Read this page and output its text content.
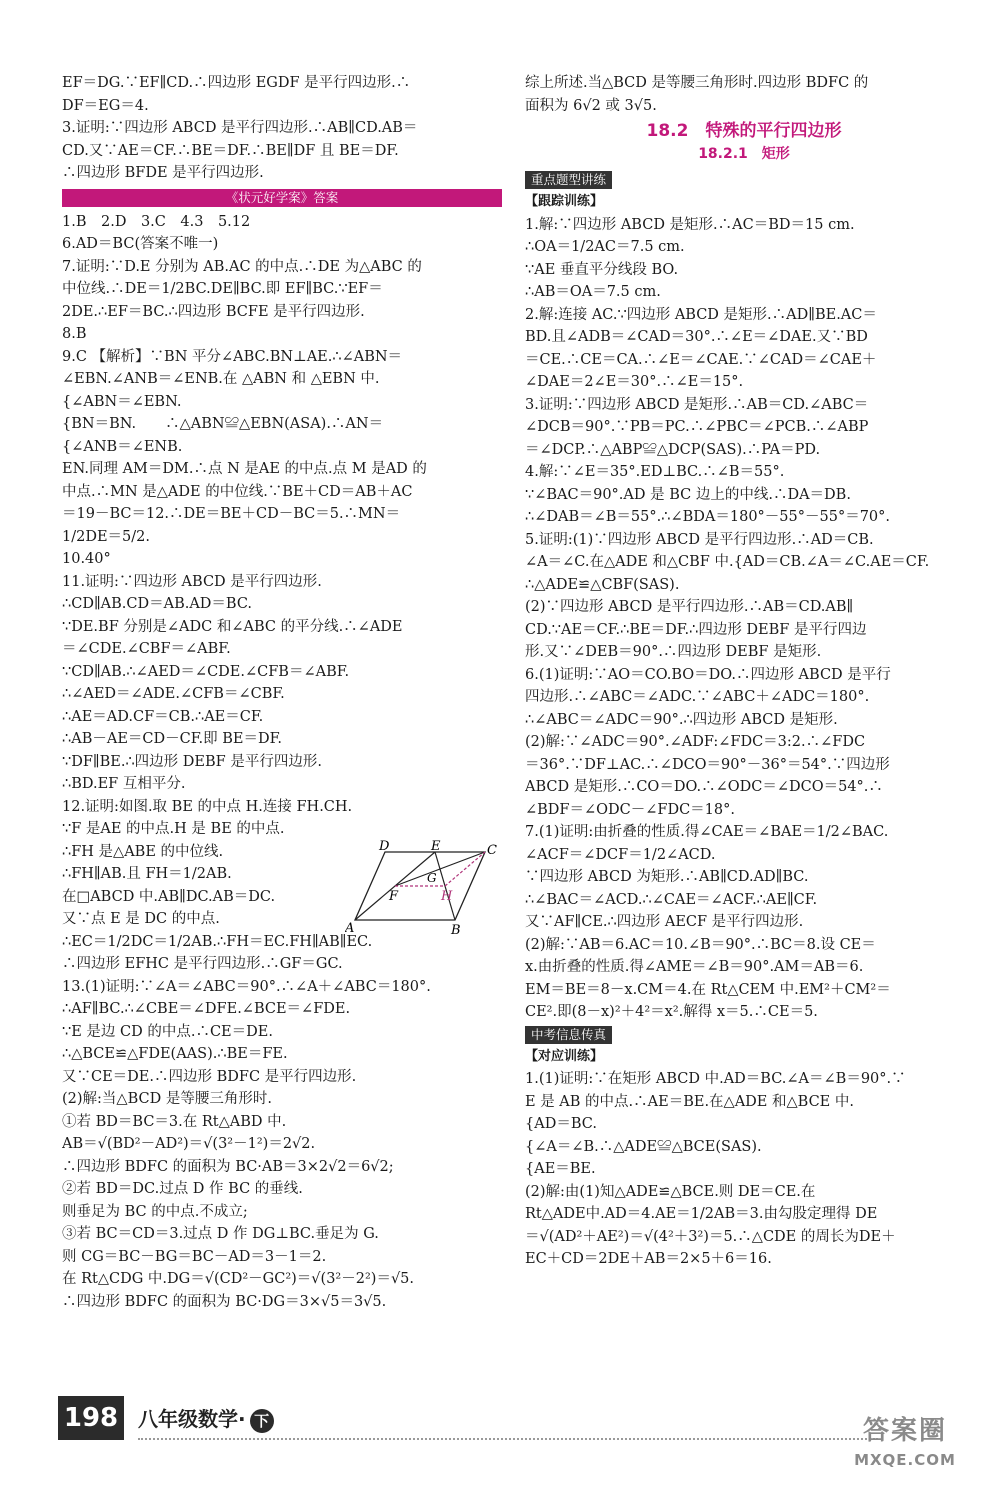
EF＝DG.∵EF∥CD.∴四边形 EGDF 是平行四边形.∴

DF＝EG＝4.

3.证明:∵四边形 ABCD 是平行四边形.∴AB∥CD.AB＝

CD.又∵AE＝CF.∴BE＝DF.∴BE∥DF 且 BE＝DF.

∴四边形 BFDE 是平行四边形.

《状元好学案》答案

1.B　2.D　3.C　4.3　5.12

6.AD＝BC(答案不唯一)

7.证明:∵D.E 分别为 AB.AC 的中点.∴DE 为△ABC 的

中位线.∴DE＝1/2BC.DE∥BC.即 EF∥BC.∵EF＝

2DE.∴EF＝BC.∴四边形 BCFE 是平行四边形.

8.B

9.C 【解析】∵BN 平分∠ABC.BN⊥AE.∴∠ABN＝

∠EBN.∠ANB＝∠ENB.在 △ABN 和 △EBN 中.

{∠ABN＝∠EBN.

{BN＝BN.　　∴△ABN≌△EBN(ASA).∴AN＝

{∠ANB＝∠ENB.

EN.同理 AM＝DM.∴点 N 是AE 的中点.点 M 是AD 的

中点.∴MN 是△ADE 的中位线.∵BE＋CD＝AB＋AC

＝19－BC＝12.∴DE＝BE＋CD－BC＝5.∴MN＝

1/2DE＝5/2.

10.40°

11.证明:∵四边形 ABCD 是平行四边形.

∴CD∥AB.CD＝AB.AD＝BC.

∵DE.BF 分别是∠ADC 和∠ABC 的平分线.∴∠ADE

＝∠CDE.∠CBF＝∠ABF.

∵CD∥AB.∴∠AED＝∠CDE.∠CFB＝∠ABF.

∴∠AED＝∠ADE.∠CFB＝∠CBF.

∴AE＝AD.CF＝CB.∴AE＝CF.

∴AB－AE＝CD－CF.即 BE＝DF.

∵DF∥BE.∴四边形 DEBF 是平行四边形.

∴BD.EF 互相平分.

12.证明:如图.取 BE 的中点 H.连接 FH.CH.

∵F 是AE 的中点.H 是 BE 的中点.

∴FH 是△ABE 的中位线.

∴FH∥AB.且 FH＝1/2AB.

在□ABCD 中.AB∥DC.AB＝DC.

又∵点 E 是 DC 的中点.

∴EC＝1/2DC＝1/2AB.∴FH＝EC.FH∥AB∥EC.

∴四边形 EFHC 是平行四边形.∴GF＝GC.

13.(1)证明:∵∠A＝∠ABC＝90°.∴∠A＋∠ABC＝180°.

∴AF∥BC.∴∠CBE＝∠DFE.∠BCE＝∠FDE.

∵E 是边 CD 的中点.∴CE＝DE.

∴△BCE≌△FDE(AAS).∴BE＝FE.

又∵CE＝DE.∴四边形 BDFC 是平行四边形.

(2)解:当△BCD 是等腰三角形时.

①若 BD＝BC＝3.在 Rt△ABD 中.

AB＝√(BD²－AD²)＝√(3²－1²)＝2√2.

∴四边形 BDFC 的面积为 BC·AB＝3×2√2＝6√2;

②若 BD＝DC.过点 D 作 BC 的垂线.

则垂足为 BC 的中点.不成立;

③若 BC＝CD＝3.过点 D 作 DG⊥BC.垂足为 G.

则 CG＝BC－BG＝BC－AD＝3－1＝2.

在 Rt△CDG 中.DG＝√(CD²－GC²)＝√(3²－2²)＝√5.

∴四边形 BDFC 的面积为 BC·DG＝3×√5＝3√5.

D	E	C
G
F	H
A	B

综上所述.当△BCD 是等腰三角形时.四边形 BDFC 的

面积为 6√2 或 3√5.

18.2　特殊的平行四边形
18.2.1　矩形
重点题型讲练

【跟踪训练】

1.解:∵四边形 ABCD 是矩形.∴AC＝BD＝15 cm.

∴OA＝1/2AC＝7.5 cm.

∵AE 垂直平分线段 BO.

∴AB＝OA＝7.5 cm.

2.解:连接 AC.∵四边形 ABCD 是矩形.∴AD∥BE.AC＝

BD.且∠ADB＝∠CAD＝30°.∴∠E＝∠DAE.又∵BD

＝CE.∴CE＝CA.∴∠E＝∠CAE.∵∠CAD＝∠CAE＋

∠DAE＝2∠E＝30°.∴∠E＝15°.

3.证明:∵四边形 ABCD 是矩形.∴AB＝CD.∠ABC＝

∠DCB＝90°.∵PB＝PC.∴∠PBC＝∠PCB.∴∠ABP

＝∠DCP.∴△ABP≌△DCP(SAS).∴PA＝PD.

4.解:∵∠E＝35°.ED⊥BC.∴∠B＝55°.

∵∠BAC＝90°.AD 是 BC 边上的中线.∴DA＝DB.

∴∠DAB＝∠B＝55°.∴∠BDA＝180°－55°－55°＝70°.

5.证明:(1)∵四边形 ABCD 是平行四边形.∴AD＝CB.

∠A＝∠C.在△ADE 和△CBF 中.{AD＝CB.∠A＝∠C.AE＝CF.

∴△ADE≌△CBF(SAS).

(2)∵四边形 ABCD 是平行四边形.∴AB＝CD.AB∥

CD.∵AE＝CF.∴BE＝DF.∴四边形 DEBF 是平行四边

形.又∵∠DEB＝90°.∴四边形 DEBF 是矩形.

6.(1)证明:∵AO＝CO.BO＝DO.∴四边形 ABCD 是平行

四边形.∴∠ABC＝∠ADC.∵∠ABC＋∠ADC＝180°.

∴∠ABC＝∠ADC＝90°.∴四边形 ABCD 是矩形.

(2)解:∵∠ADC＝90°.∠ADF:∠FDC＝3:2.∴∠FDC

＝36°.∵DF⊥AC.∴∠DCO＝90°－36°＝54°.∵四边形

ABCD 是矩形.∴CO＝DO.∴∠ODC＝∠DCO＝54°.∴

∠BDF＝∠ODC－∠FDC＝18°.

7.(1)证明:由折叠的性质.得∠CAE＝∠BAE＝1/2∠BAC.

∠ACF＝∠DCF＝1/2∠ACD.

∵四边形 ABCD 为矩形.∴AB∥CD.AD∥BC.

∴∠BAC＝∠ACD.∴∠CAE＝∠ACF.∴AE∥CF.

又∵AF∥CE.∴四边形 AECF 是平行四边形.

(2)解:∵AB＝6.AC＝10.∠B＝90°.∴BC＝8.设 CE＝

x.由折叠的性质.得∠AME＝∠B＝90°.AM＝AB＝6.

EM＝BE＝8－x.CM＝4.在 Rt△CEM 中.EM²＋CM²＝

CE².即(8－x)²＋4²＝x².解得 x＝5.∴CE＝5.

中考信息传真

【对应训练】

1.(1)证明:∵在矩形 ABCD 中.AD＝BC.∠A＝∠B＝90°.∵

E 是 AB 的中点.∴AE＝BE.在△ADE 和△BCE 中.

{AD＝BC.

{∠A＝∠B.∴△ADE≌△BCE(SAS).

{AE＝BE.

(2)解:由(1)知△ADE≌△BCE.则 DE＝CE.在

Rt△ADE中.AD＝4.AE＝1/2AB＝3.由勾股定理得 DE

＝√(AD²＋AE²)＝√(4²＋3²)＝5.∴△CDE 的周长为DE＋

EC＋CD＝2DE＋AB＝2×5＋6＝16.

198 八年级数学· 下	答案圈
MXQE.COM
